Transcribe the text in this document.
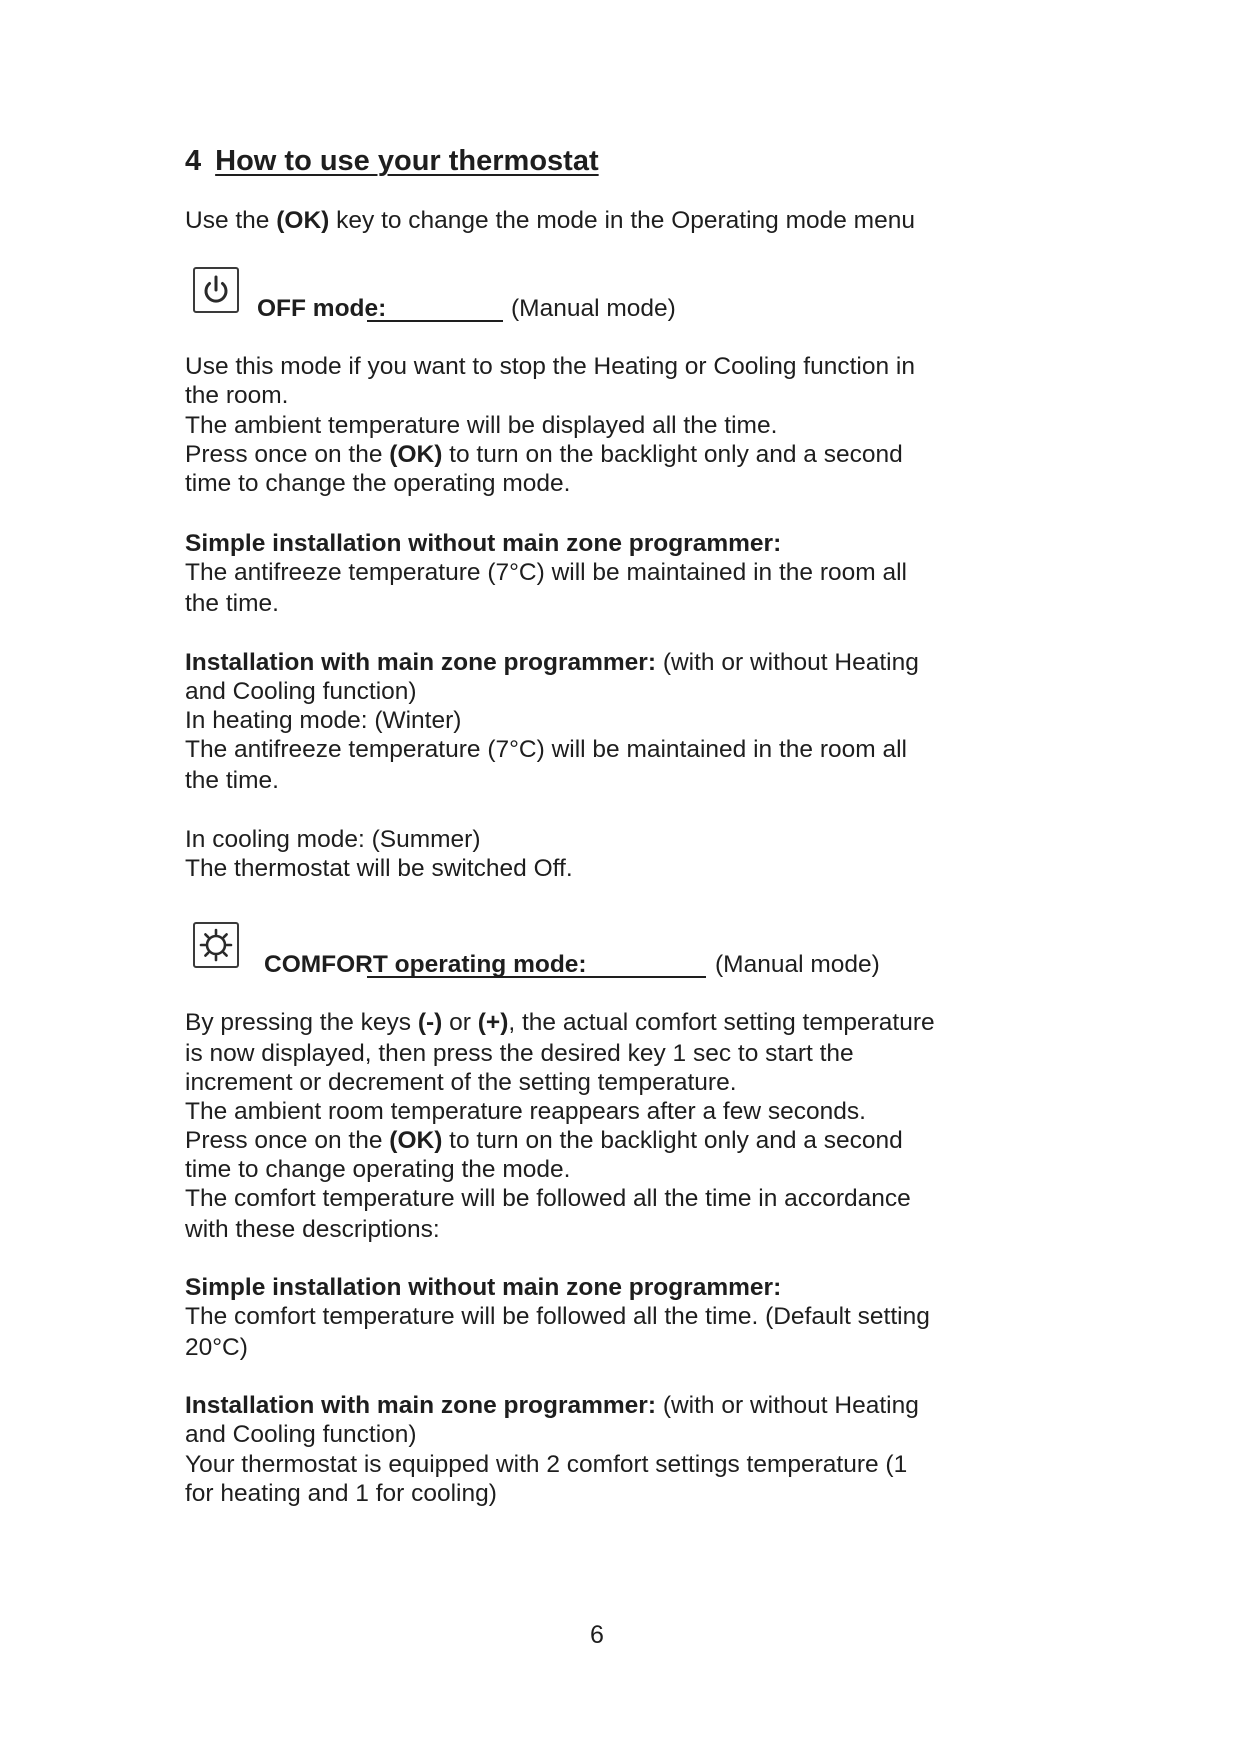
4 How to use your thermostat
Use the (OK) key to change the mode in the Operating mode menu
OFF mode:	(Manual mode)
Use this mode if you want to stop the Heating or Cooling function in
the room.
The ambient temperature will be displayed all the time.
Press once on the (OK) to turn on the backlight only and a second
time to change the operating mode.
Simple installation without main zone programmer:
The antifreeze temperature (7°C) will be maintained in the room all
the time.
Installation with main zone programmer: (with or without Heating
and Cooling function)
In heating mode: (Winter)
The antifreeze temperature (7°C) will be maintained in the room all
the time.
In cooling mode: (Summer)
The thermostat will be switched Off.
COMFORT operating mode:	(Manual mode)
By pressing the keys (-) or (+), the actual comfort setting temperature
is now displayed, then press the desired key 1 sec to start the
increment or decrement of the setting temperature.
The ambient room temperature reappears after a few seconds.
Press once on the (OK) to turn on the backlight only and a second
time to change operating the mode.
The comfort temperature will be followed all the time in accordance
with these descriptions:
Simple installation without main zone programmer:
The comfort temperature will be followed all the time. (Default setting
20°C)
Installation with main zone programmer: (with or without Heating
and Cooling function)
Your thermostat is equipped with 2 comfort settings temperature (1
for heating and 1 for cooling)
6
